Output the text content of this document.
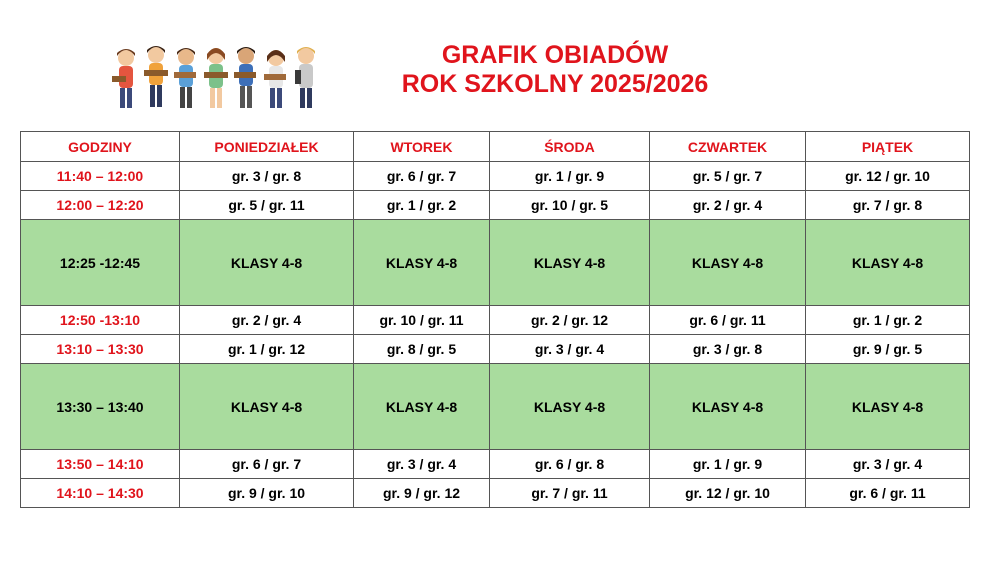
GRAFIK OBIADÓW
ROK SZKOLNY 2025/2026
GODZINY	PONIEDZIAŁEK	WTOREK	ŚRODA	CZWARTEK	PIĄTEK
11:40 – 12:00	gr. 3 / gr. 8	gr. 6 / gr. 7	gr. 1 / gr. 9	gr. 5 / gr. 7	gr. 12 / gr. 10
12:00 – 12:20	gr. 5 / gr. 11	gr. 1 / gr. 2	gr. 10 / gr. 5	gr. 2 / gr. 4	gr. 7 / gr. 8
12:25 -12:45	KLASY 4-8	KLASY 4-8	KLASY 4-8	KLASY 4-8	KLASY 4-8
12:50 -13:10	gr. 2 / gr. 4	gr. 10 / gr. 11	gr. 2 / gr. 12	gr. 6 / gr. 11	gr. 1 / gr. 2
13:10 – 13:30	gr. 1 / gr. 12	gr. 8 / gr. 5	gr. 3 / gr. 4	gr. 3 / gr. 8	gr. 9 / gr. 5
13:30 – 13:40	KLASY 4-8	KLASY 4-8	KLASY 4-8	KLASY 4-8	KLASY 4-8
13:50 – 14:10	gr. 6 / gr. 7	gr. 3 / gr. 4	gr. 6 / gr. 8	gr. 1 / gr. 9	gr. 3 / gr. 4
14:10 – 14:30	gr. 9 / gr. 10	gr. 9 / gr. 12	gr. 7 / gr. 11	gr. 12 / gr. 10	gr. 6 / gr. 11
